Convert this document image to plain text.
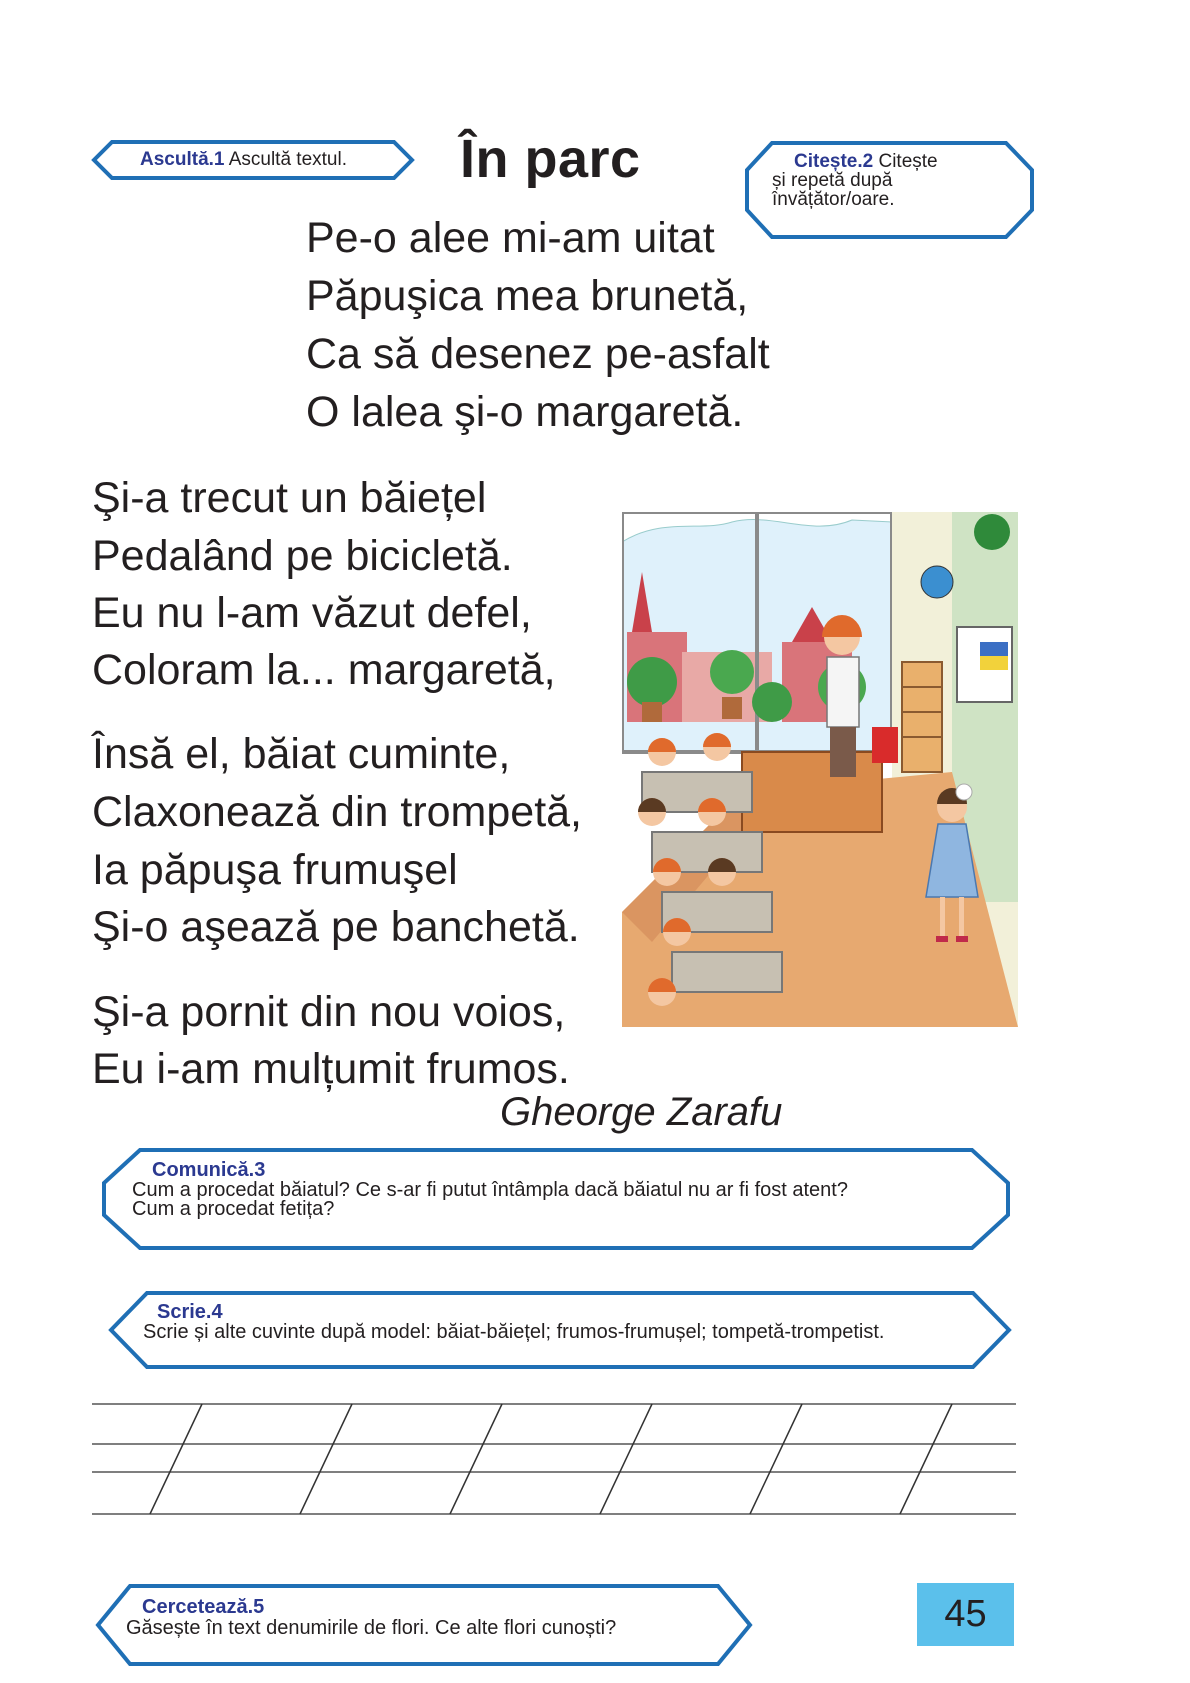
Ascultă.1 Ascultă textul. În parc	Citește.2 Citește
și repetă după
învățător/oare.
Pe-o alee mi-am uitat
Păpuşica mea brunetă,
Ca să desenez pe-asfalt
O lalea şi-o margaretă.
Şi-a trecut un băiețel
Pedalând pe bicicletă.
Eu nu l-am văzut defel,
Coloram la... margaretă,
Însă el, băiat cuminte,
Claxonează din trompetă,
Ia păpuşa frumuşel
Şi-o aşează pe banchetă.
Şi-a pornit din nou voios,
Eu i-am mulțumit frumos.
Gheorge Zarafu
Comunică.3
Cum a procedat băiatul? Ce s-ar fi putut întâmpla dacă băiatul nu ar fi fost atent?
Cum a procedat fetița?
Scrie.4
Scrie și alte cuvinte după model: băiat-băiețel; frumos-frumușel; tompetă-trompetist.
Cercetează.5
Găsește în text denumirile de flori. Ce alte flori cunoști?	45
